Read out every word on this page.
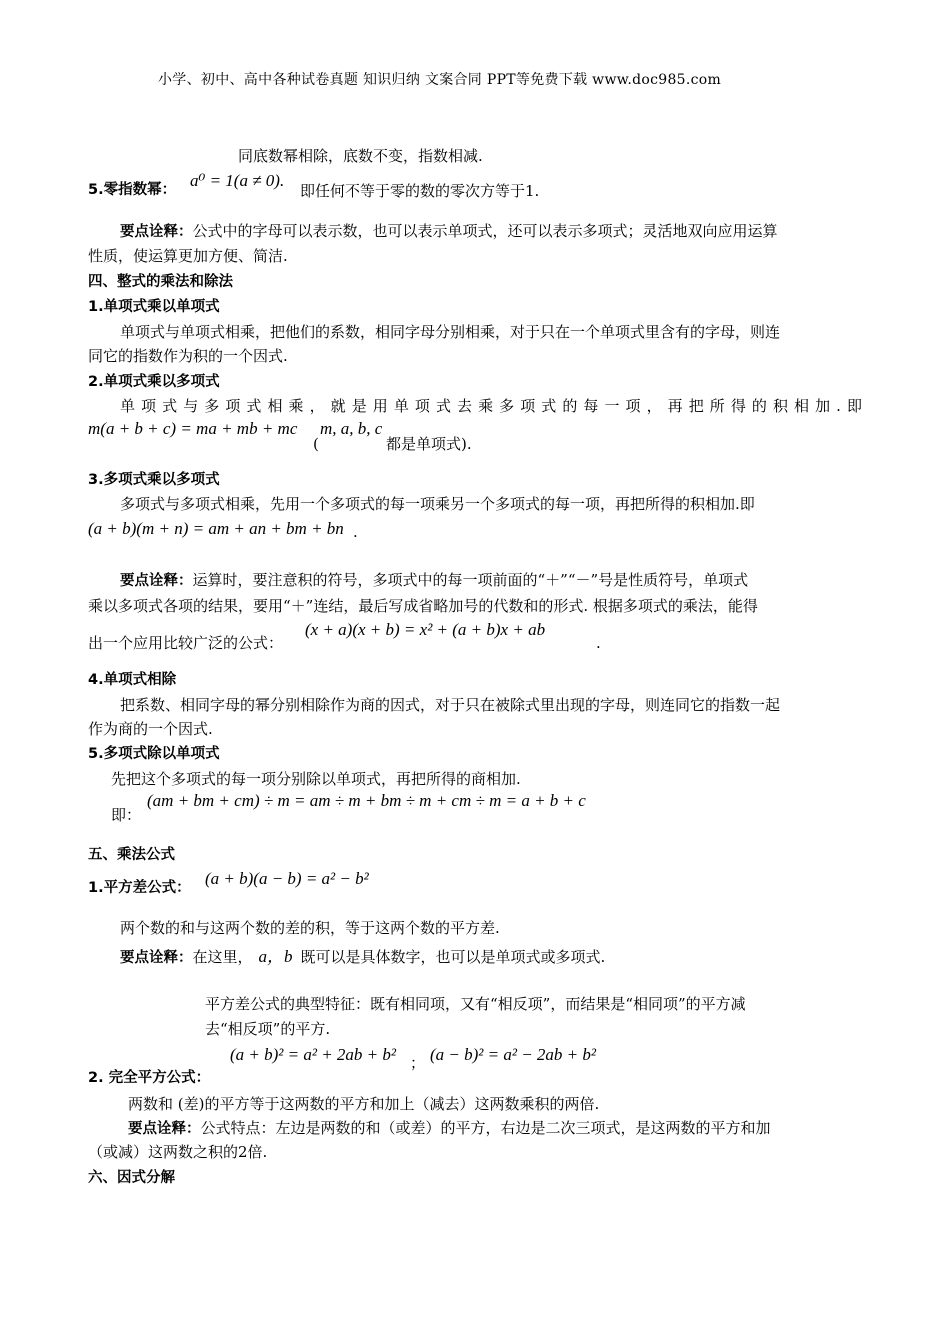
小学、初中、高中各种试卷真题 知识归纳 文案合同 PPT等免费下载 www.doc985.com
同底数幂相除，底数不变，指数相减.
5.零指数幂： a⁰ = 1(a ≠ 0).
即任何不等于零的数的零次方等于1.
要点诠释：公式中的字母可以表示数，也可以表示单项式，还可以表示多项式；灵活地双向应用运算
性质，使运算更加方便、简洁.
四、整式的乘法和除法
1.单项式乘以单项式
单项式与单项式相乘，把他们的系数，相同字母分别相乘，对于只在一个单项式里含有的字母，则连
同它的指数作为积的一个因式.
2.单项式乘以多项式
单项式与多项式相乘，就是用单项式去乘多项式的每一项，再把所得的积相加.即
m(a + b + c) = ma + mb + mc
(
m, a, b, c
都是单项式).
3.多项式乘以多项式
多项式与多项式相乘，先用一个多项式的每一项乘另一个多项式的每一项，再把所得的积相加.即
(a + b)(m + n) = am + an + bm + bn .
要点诠释：运算时，要注意积的符号，多项式中的每一项前面的“＋”“－”号是性质符号，单项式
乘以多项式各项的结果，要用“＋”连结，最后写成省略加号的代数和的形式. 根据多项式的乘法，能得
出一个应用比较广泛的公式：
(x + a)(x + b) = x² + (a + b)x + ab
.
4.单项式相除
把系数、相同字母的幂分别相除作为商的因式，对于只在被除式里出现的字母，则连同它的指数一起
作为商的一个因式.
5.多项式除以单项式
先把这个多项式的每一项分别除以单项式，再把所得的商相加.
(am + bm + cm) ÷ m = am ÷ m + bm ÷ m + cm ÷ m = a + b + c
即：
五、乘法公式
1.平方差公式： (a + b)(a − b) = a² − b²
两个数的和与这两个数的差的积，等于这两个数的平方差.
要点诠释：在这里， a，b 既可以是具体数字，也可以是单项式或多项式.
平方差公式的典型特征：既有相同项，又有“相反项”，而结果是“相同项”的平方减
去“相反项”的平方.
(a + b)² = a² + 2ab + b² ； (a − b)² = a² − 2ab + b²
2. 完全平方公式：
两数和 (差)的平方等于这两数的平方和加上（减去）这两数乘积的两倍.
要点诠释：公式特点：左边是两数的和（或差）的平方，右边是二次三项式，是这两数的平方和加
（或减）这两数之积的2倍.
六、因式分解
